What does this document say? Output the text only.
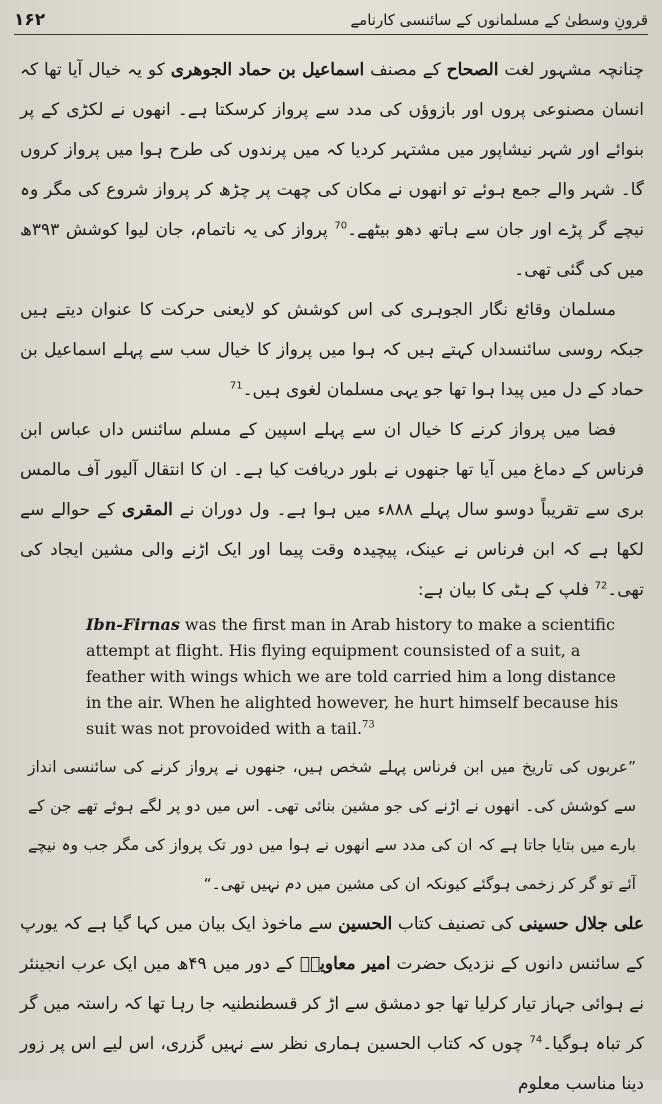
قرونِ وسطیٰ کے مسلمانوں کے سائنسی کارنامے
۱۶۲

چنانچہ مشہور لغت الصحاح کے مصنف اسماعیل بن حماد الجوھری کو یہ خیال آیا تھا کہ انسان مصنوعی پروں اور بازوؤں کی مدد سے پرواز کرسکتا ہے۔ انھوں نے لکڑی کے پر بنوائے اور شہر نیشاپور میں مشتہر کردیا کہ میں پرندوں کی طرح ہوا میں پرواز کروں گا۔ شہر والے جمع ہوئے تو انھوں نے مکان کی چھت پر چڑھ کر پرواز شروع کی مگر وہ نیچے گر پڑے اور جان سے ہاتھ دھو بیٹھے۔$^{70}$ پرواز کی یہ ناتمام، جان لیوا کوشش ۳۹۳ھ میں کی گئی تھی۔

مسلمان وقائع نگار الجوہری کی اس کوشش کو لایعنی حرکت کا عنوان دیتے ہیں جبکہ روسی سائنسداں کہتے ہیں کہ ہوا میں پرواز کا خیال سب سے پہلے اسماعیل بن حماد کے دل میں پیدا ہوا تھا جو یہی مسلمان لغوی ہیں۔$^{71}$

فضا میں پرواز کرنے کا خیال ان سے پہلے اسپین کے مسلم سائنس داں عباس ابن فرناس کے دماغ میں آیا تھا جنھوں نے بلور دریافت کیا ہے۔ ان کا انتقال آلیور آف مالمس بری سے تقریباً دوسو سال پہلے ۸۸۸ء میں ہوا ہے۔ ول دوران نے المقری کے حوالے سے لکھا ہے کہ ابن فرناس نے عینک، پیچیدہ وقت پیما اور ایک اڑنے والی مشین ایجاد کی تھی۔$^{72}$ فلپ کے ہٹی کا بیان ہے:

Ibn-Firnas was the first man in Arab history to make a scientific attempt at flight. His flying equipment counsisted of a suit, a feather with wings which we are told carried him a long distance in the air. When he alighted however, he hurt himself because his suit was not provoided with a tail.$^{73}$

”عربوں کی تاریخ میں ابن فرناس پہلے شخص ہیں، جنھوں نے پرواز کرنے کی سائنسی انداز سے کوشش کی۔ انھوں نے اڑنے کی جو مشین بنائی تھی۔ اس میں دو پر لگے ہوئے تھے جن کے بارے میں بتایا جاتا ہے کہ ان کی مدد سے انھوں نے ہوا میں دور تک پرواز کی مگر جب وہ نیچے آئے تو گر کر زخمی ہوگئے کیونکہ ان کی مشین میں دم نہیں تھی۔“

علی جلال حسینی کی تصنیف کتاب الحسین سے ماخوذ ایک بیان میں کہا گیا ہے کہ یورپ کے سائنس دانوں کے نزدیک حضرت امیر معاویہؓ کے دور میں ۴۹ھ میں ایک عرب انجینئر نے ہوائی جہاز تیار کرلیا تھا جو دمشق سے اڑ کر قسطنطنیہ جا رہا تھا کہ راستہ میں گر کر تباہ ہوگیا۔$^{74}$ چوں کہ کتاب الحسین ہماری نظر سے نہیں گزری، اس لیے اس پر زور دینا مناسب معلوم
